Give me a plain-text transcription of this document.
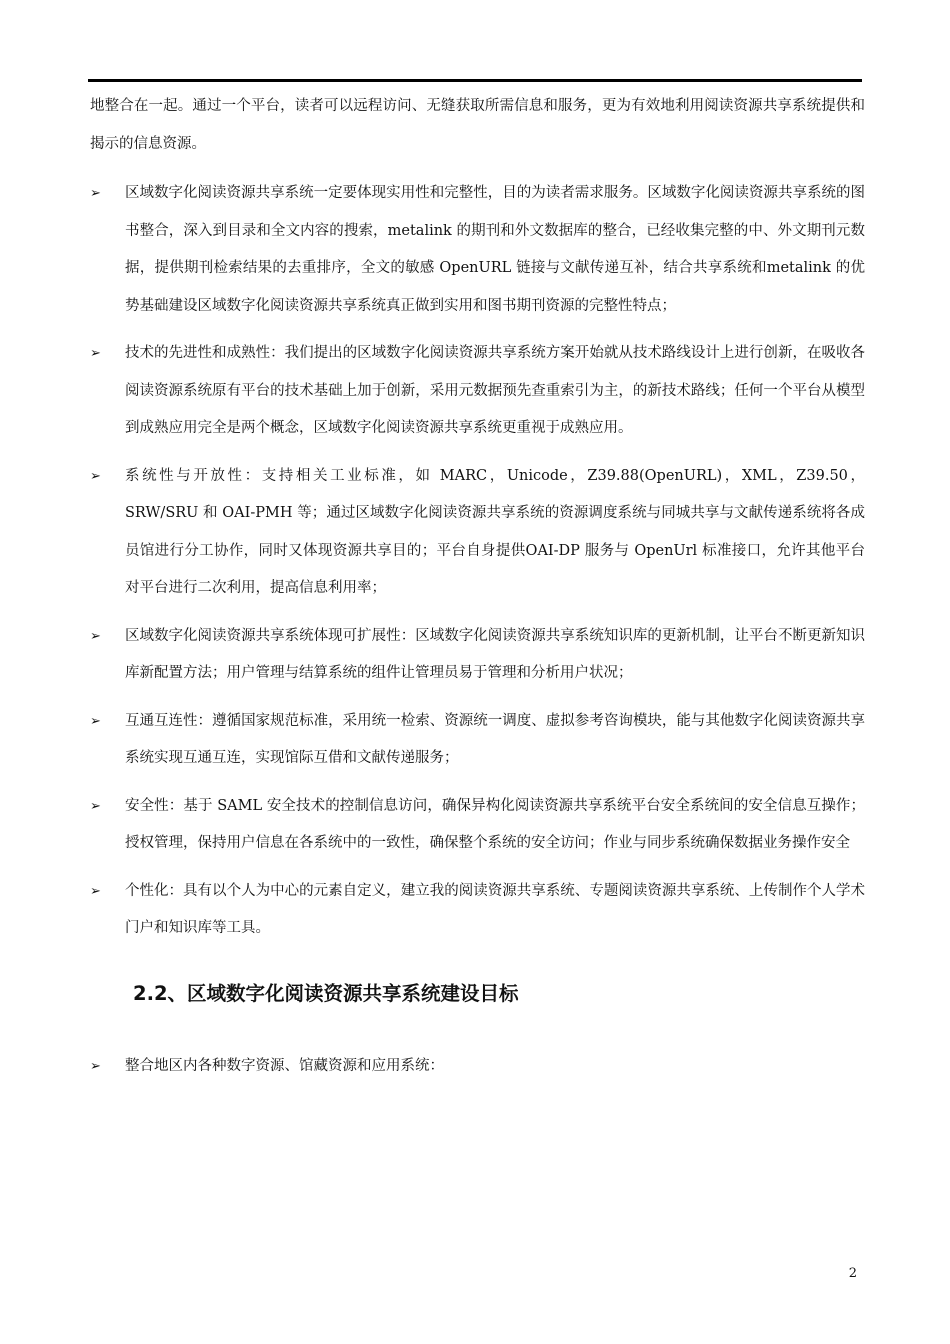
地整合在一起。通过一个平台，读者可以远程访问、无缝获取所需信息和服务，更为有效地利用阅读资源共享系统提供和揭示的信息资源。

➢	区域数字化阅读资源共享系统一定要体现实用性和完整性，目的为读者需求服务。区域数字化阅读资源共享系统的图书整合，深入到目录和全文内容的搜索，metalink 的期刊和外文数据库的整合，已经收集完整的中、外文期刊元数据，提供期刊检索结果的去重排序，全文的敏感 OpenURL 链接与文献传递互补，结合共享系统和metalink 的优势基础建设区域数字化阅读资源共享系统真正做到实用和图书期刊资源的完整性特点；
➢	技术的先进性和成熟性：我们提出的区域数字化阅读资源共享系统方案开始就从技术路线设计上进行创新，在吸收各阅读资源系统原有平台的技术基础上加于创新，采用元数据预先查重索引为主，的新技术路线；任何一个平台从模型到成熟应用完全是两个概念，区域数字化阅读资源共享系统更重视于成熟应用。
➢	系统性与开放性：支持相关工业标准，如 MARC，Unicode，Z39.88(OpenURL)，XML，Z39.50，SRW/SRU 和 OAI-PMH 等；通过区域数字化阅读资源共享系统的资源调度系统与同城共享与文献传递系统将各成员馆进行分工协作，同时又体现资源共享目的；平台自身提供OAI-DP 服务与 OpenUrl 标准接口，允许其他平台对平台进行二次利用，提高信息利用率；
➢	区域数字化阅读资源共享系统体现可扩展性：区域数字化阅读资源共享系统知识库的更新机制，让平台不断更新知识库新配置方法；用户管理与结算系统的组件让管理员易于管理和分析用户状况；
➢	互通互连性：遵循国家规范标准，采用统一检索、资源统一调度、虚拟参考咨询模块，能与其他数字化阅读资源共享系统实现互通互连，实现馆际互借和文献传递服务；
➢	安全性：基于 SAML 安全技术的控制信息访问，确保异构化阅读资源共享系统平台安全系统间的安全信息互操作；授权管理，保持用户信息在各系统中的一致性，确保整个系统的安全访问；作业与同步系统确保数据业务操作安全
➢	个性化：具有以个人为中心的元素自定义，建立我的阅读资源共享系统、专题阅读资源共享系统、上传制作个人学术门户和知识库等工具。
2.2、区域数字化阅读资源共享系统建设目标
➢	整合地区内各种数字资源、馆藏资源和应用系统：
2
